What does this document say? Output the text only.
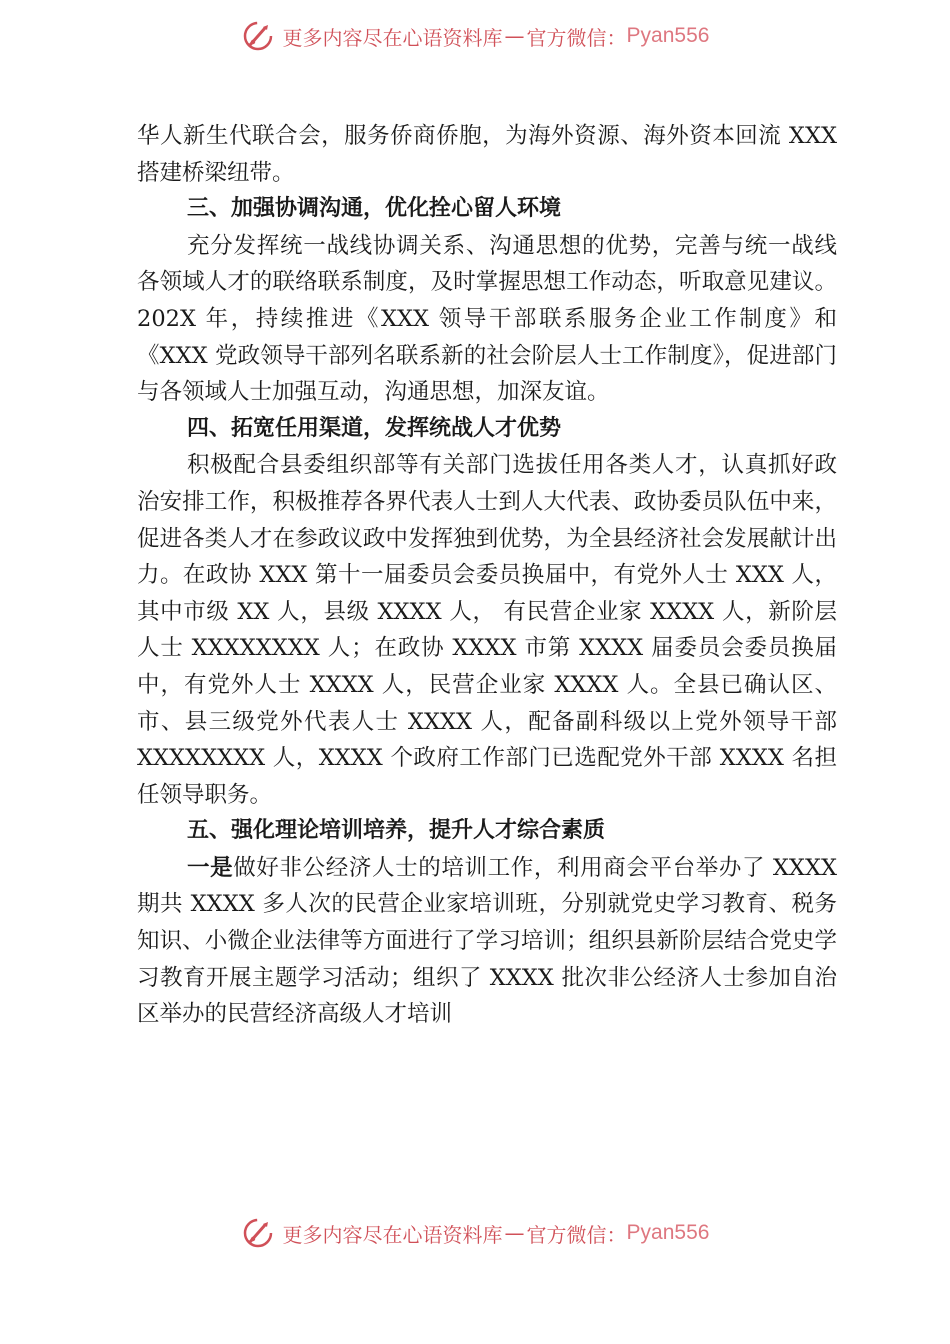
更多内容尽在心语资料库 — 官方微信： Pyan556

华人新生代联合会，服务侨商侨胞，为海外资源、海外资本回流 XXX 搭建桥梁纽带。

三、加强协调沟通，优化拴心留人环境

充分发挥统一战线协调关系、沟通思想的优势，完善与统一战线各领域人才的联络联系制度，及时掌握思想工作动态，听取意见建议。202X 年，持续推进《XXX 领导干部联系服务企业工作制度》和《XXX 党政领导干部列名联系新的社会阶层人士工作制度》，促进部门与各领域人士加强互动，沟通思想，加深友谊。

四、拓宽任用渠道，发挥统战人才优势

积极配合县委组织部等有关部门选拔任用各类人才，认真抓好政治安排工作，积极推荐各界代表人士到人大代表、政协委员队伍中来，促进各类人才在参政议政中发挥独到优势，为全县经济社会发展献计出力。在政协 XXX 第十一届委员会委员换届中，有党外人士 XXX 人，其中市级 XX 人，县级 XXXX 人， 有民营企业家 XXXX 人，新阶层人士 XXXXXXXX 人；在政协 XXXX 市第 XXXX 届委员会委员换届中，有党外人士 XXXX 人，民营企业家 XXXX 人。全县已确认区、市、县三级党外代表人士 XXXX 人，配备副科级以上党外领导干部 XXXXXXXX 人，XXXX 个政府工作部门已选配党外干部 XXXX 名担任领导职务。

五、强化理论培训培养，提升人才综合素质

一是做好非公经济人士的培训工作，利用商会平台举办了 XXXX 期共 XXXX 多人次的民营企业家培训班，分别就党史学习教育、税务知识、小微企业法律等方面进行了学习培训；组织县新阶层结合党史学习教育开展主题学习活动；组织了 XXXX 批次非公经济人士参加自治区举办的民营经济高级人才培训

更多内容尽在心语资料库 — 官方微信： Pyan556
